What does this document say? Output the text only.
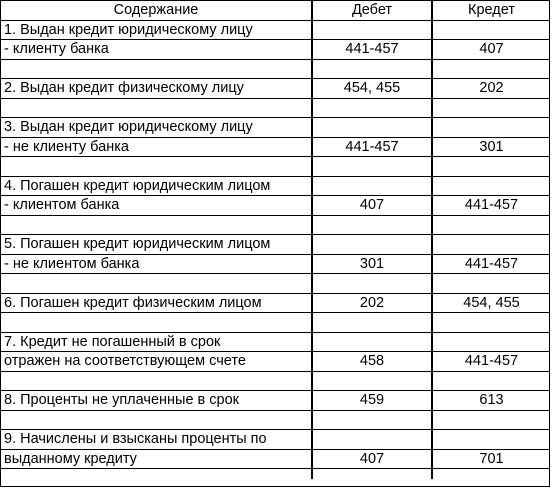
Содержание	Дебет	Кредет
1. Выдан кредит юридическому лицу		
- клиенту банка	441-457	407

2. Выдан кредит физическому лицу	454, 455	202

3. Выдан кредит юридическому лицу		
- не клиенту банка	441-457	301

4. Погашен кредит юридическим лицом		
- клиентом банка	407	441-457

5. Погашен кредит юридическим лицом		
- не клиентом банка	301	441-457

6. Погашен кредит физическим лицом	202	454, 455

7. Кредит не погашенный в срок		
отражен на соответствующем счете	458	441-457

8. Проценты не уплаченные в срок	459	613

9. Начислены и взысканы проценты по		
выданному кредиту	407	701
